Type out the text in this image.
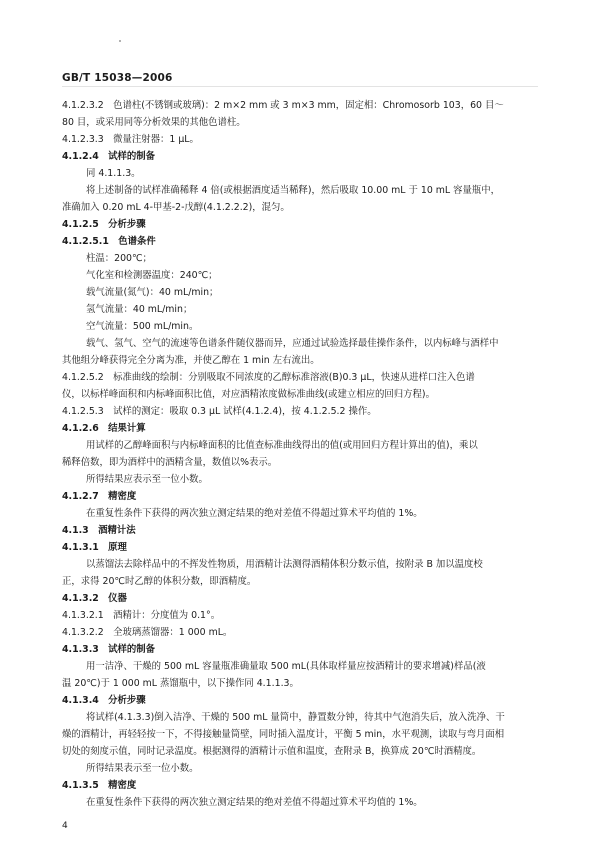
GB/T 15038—2006
4.1.2.3.2　色谱柱(不锈钢或玻璃)：2 m×2 mm 或 3 m×3 mm，固定相：Chromosorb 103，60 目～
80 目，或采用同等分析效果的其他色谱柱。
4.1.2.3.3　微量注射器：1 μL。
4.1.2.4　试样的制备
同 4.1.1.3。
将上述制备的试样准确稀释 4 倍(或根据酒度适当稀释)，然后吸取 10.00 mL 于 10 mL 容量瓶中，
准确加入 0.20 mL 4-甲基-2-戊醇(4.1.2.2.2)，混匀。
4.1.2.5　分析步骤
4.1.2.5.1　色谱条件
柱温：200℃；
气化室和检测器温度：240℃；
载气流量(氮气)：40 mL/min；
氢气流量：40 mL/min；
空气流量：500 mL/min。
载气、氢气、空气的流速等色谱条件随仪器而异，应通过试验选择最佳操作条件，以内标峰与酒样中
其他组分峰获得完全分离为准，并使乙醇在 1 min 左右流出。
4.1.2.5.2　标准曲线的绘制：分别吸取不同浓度的乙醇标准溶液(B)0.3 μL，快速从进样口注入色谱
仪，以标样峰面积和内标峰面积比值，对应酒精浓度做标准曲线(或建立相应的回归方程)。
4.1.2.5.3　试样的测定：吸取 0.3 μL 试样(4.1.2.4)，按 4.1.2.5.2 操作。
4.1.2.6　结果计算
用试样的乙醇峰面积与内标峰面积的比值查标准曲线得出的值(或用回归方程计算出的值)，乘以
稀释倍数，即为酒样中的酒精含量，数值以%表示。
所得结果应表示至一位小数。
4.1.2.7　精密度
在重复性条件下获得的两次独立测定结果的绝对差值不得超过算术平均值的 1%。
4.1.3　酒精计法
4.1.3.1　原理
以蒸馏法去除样品中的不挥发性物质，用酒精计法测得酒精体积分数示值，按附录 B 加以温度校
正，求得 20℃时乙醇的体积分数，即酒精度。
4.1.3.2　仪器
4.1.3.2.1　酒精计：分度值为 0.1°。
4.1.3.2.2　全玻璃蒸馏器：1 000 mL。
4.1.3.3　试样的制备
用一洁净、干燥的 500 mL 容量瓶准确量取 500 mL(具体取样量应按酒精计的要求增减)样品(液
温 20℃)于 1 000 mL 蒸馏瓶中，以下操作同 4.1.1.3。
4.1.3.4　分析步骤
将试样(4.1.3.3)倒入洁净、干燥的 500 mL 量筒中，静置数分钟，待其中气泡消失后，放入洗净、干
燥的酒精计，再轻轻按一下，不得接触量筒壁，同时插入温度计，平衡 5 min，水平观测，读取与弯月面相
切处的刻度示值，同时记录温度。根据测得的酒精计示值和温度，查附录 B，换算成 20℃时酒精度。
所得结果表示至一位小数。
4.1.3.5　精密度
在重复性条件下获得的两次独立测定结果的绝对差值不得超过算术平均值的 1%。
4
